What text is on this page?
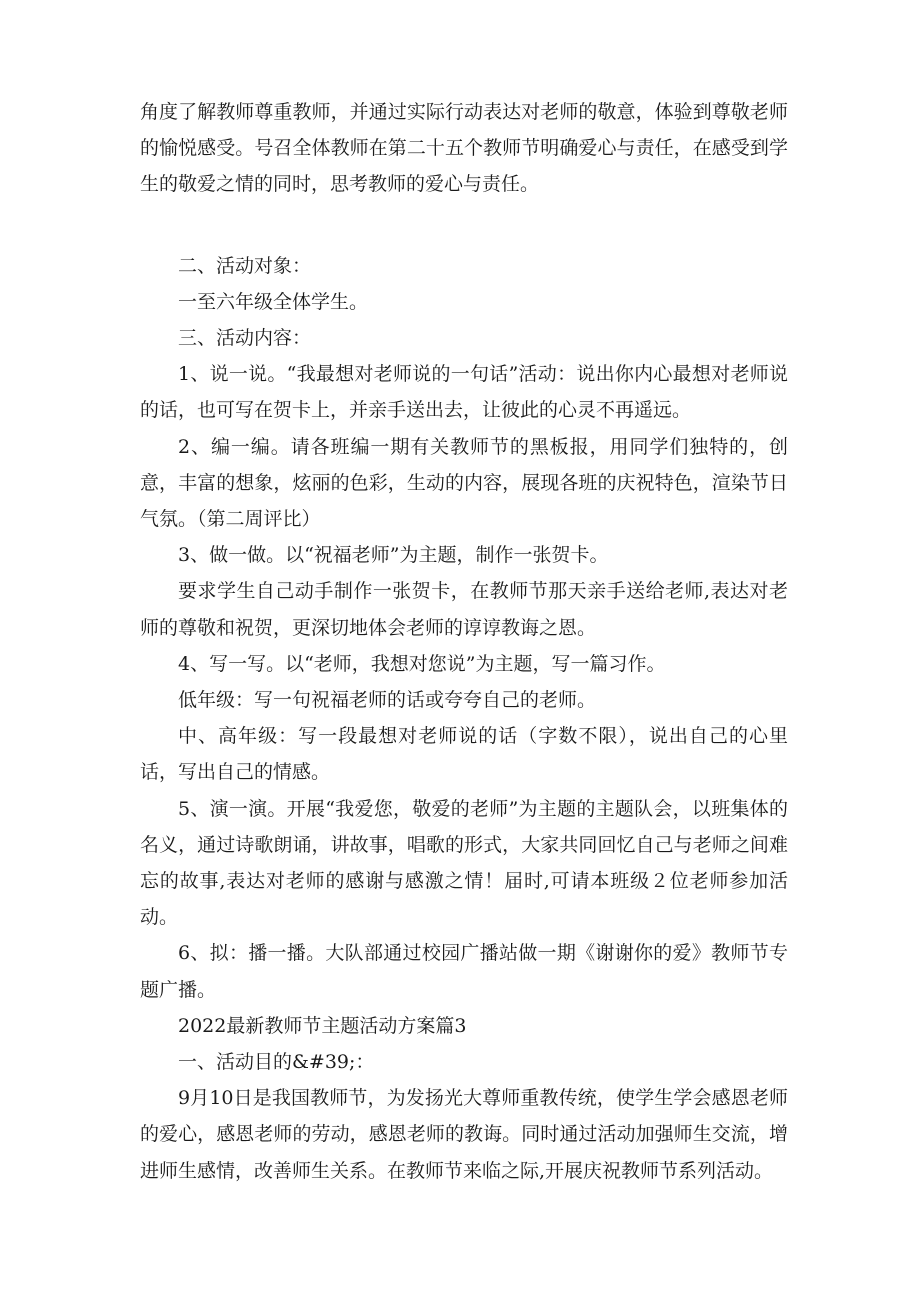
角度了解教师尊重教师，并通过实际行动表达对老师的敬意，体验到尊敬老师的愉悦感受。号召全体教师在第二十五个教师节明确爱心与责任，在感受到学生的敬爱之情的同时，思考教师的爱心与责任。

二、活动对象：

一至六年级全体学生。

三、活动内容：

1、说一说。“我最想对老师说的一句话”活动：说出你内心最想对老师说的话，也可写在贺卡上，并亲手送出去，让彼此的心灵不再遥远。

2、编一编。请各班编一期有关教师节的黑板报，用同学们独特的，创意，丰富的想象，炫丽的色彩，生动的内容，展现各班的庆祝特色，渲染节日气氛。（第二周评比）

3、做一做。以“祝福老师”为主题，制作一张贺卡。

要求学生自己动手制作一张贺卡，在教师节那天亲手送给老师,表达对老师的尊敬和祝贺，更深切地体会老师的谆谆教诲之恩。

4、写一写。以“老师，我想对您说”为主题，写一篇习作。

低年级：写一句祝福老师的话或夸夸自己的老师。

中、高年级：写一段最想对老师说的话（字数不限），说出自己的心里话，写出自己的情感。

5、演一演。开展“我爱您，敬爱的老师”为主题的主题队会，以班集体的名义，通过诗歌朗诵，讲故事，唱歌的形式，大家共同回忆自己与老师之间难忘的故事,表达对老师的感谢与感激之情！届时,可请本班级２位老师参加活动。

6、拟：播一播。大队部通过校园广播站做一期《谢谢你的爱》教师节专题广播。

2022最新教师节主题活动方案篇3

一、活动目的&#39;：

9月10日是我国教师节，为发扬光大尊师重教传统，使学生学会感恩老师的爱心，感恩老师的劳动，感恩老师的教诲。同时通过活动加强师生交流，增进师生感情，改善师生关系。在教师节来临之际,开展庆祝教师节系列活动。
